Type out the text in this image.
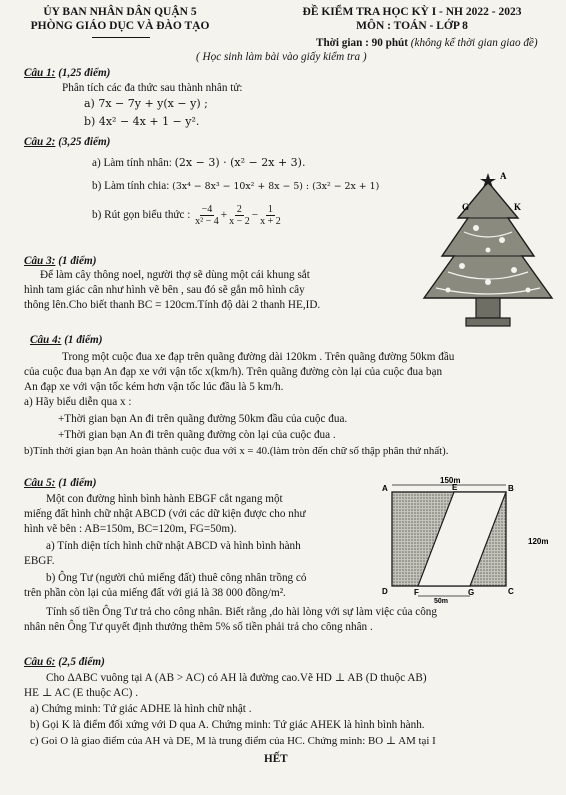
ỦY BAN NHÂN DÂN QUẬN 5
PHÒNG GIÁO DỤC VÀ ĐÀO TẠO
ĐỀ KIỂM TRA HỌC KỲ I - NH 2022 - 2023
MÔN : TOÁN - LỚP 8
Thời gian : 90 phút (không kể thời gian giao đề)
( Học sinh làm bài vào giấy kiểm tra )
Câu 1: (1,25 điểm)
Phân tích các đa thức sau thành nhân tử:
a) 7x − 7y + y(x − y) ;
b) 4x² − 4x + 1 − y².
Câu 2: (3,25 điểm)
a) Làm tính nhân: (2x − 3) · (x² − 2x + 3).
b) Làm tính chia: (3x⁴ − 8x³ − 10x² + 8x − 5) : (3x² − 2x + 1)
b) Rút gọn biểu thức :
$\frac{-4}{\text{x² − 4}} + \frac{2}{x - 2} - \frac{1}{x + 2}$
Câu 3: (1 điểm)
Để làm cây thông noel, người thợ sẽ dùng một cái khung sắt
hình tam giác cân như hình vẽ bên , sau đó sẽ gắn mô hình cây
thông lên.Cho biết thanh BC = 120cm.Tính độ dài 2 thanh HE,ID.
G	K
A
Câu 4: (1 điểm)
Trong một cuộc đua xe đạp trên quãng đường dài 120km . Trên quãng đường 50km đầu
của cuộc đua bạn An đạp xe với vận tốc x(km/h). Trên quãng đường còn lại của cuộc đua bạn
An đạp xe với vận tốc kém hơn vận tốc lúc đầu là 5 km/h.
a) Hãy biểu diễn qua x :
+Thời gian bạn An đi trên quãng đường 50km đầu của cuộc đua.
+Thời gian bạn An đi trên quãng đường còn lại của cuộc đua .
b)Tính thời gian bạn An hoàn thành cuộc đua với x = 40.(làm tròn đến chữ số thập phân thứ nhất).
Câu 5: (1 điểm)
Một con đường hình bình hành EBGF cắt ngang một
miếng đất hình chữ nhật ABCD (với các dữ kiện được cho như
hình vẽ bên : AB=150m, BC=120m, FG=50m).
a) Tính diện tích hình chữ nhật ABCD và hình bình hành
EBGF.
b) Ông Tư (người chủ miếng đất) thuê công nhân trồng cỏ
trên phần còn lại của miếng đất với giá là 38 000 đồng/m².
Tính số tiền Ông Tư trả cho công nhân. Biết rằng ,do hài lòng với sự làm việc của công
nhân nên Ông Tư quyết định thưởng thêm 5% số tiền phải trả cho công nhân .
150m
A	E	B
D	F	G	C
120m
50m
Câu 6: (2,5 điểm)
Cho ΔABC vuông tại A (AB > AC) có AH là đường cao.Vẽ HD ⊥ AB (D thuộc AB)
HE ⊥ AC (E thuộc AC) .
a) Chứng minh: Tứ giác ADHE là hình chữ nhật .
b) Gọi K là điểm đối xứng với D qua A. Chứng minh: Tứ giác AHEK là hình bình hành.
c) Goi O là giao điểm của AH và DE, M là trung điểm của HC. Chứng minh: BO ⊥ AM tại I
HẾT
